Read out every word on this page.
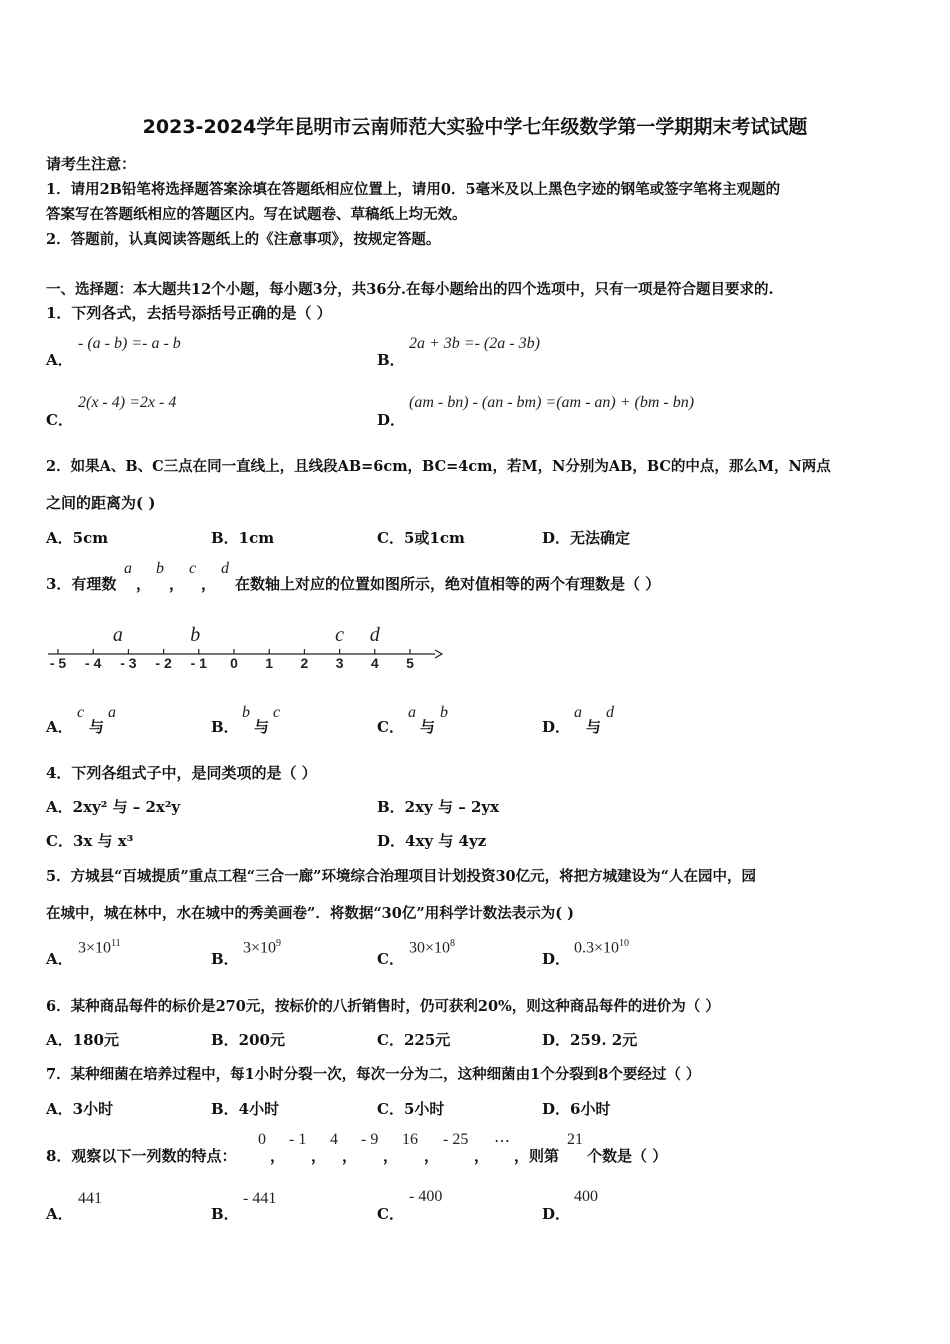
2023-2024学年昆明市云南师范大实验中学七年级数学第一学期期末考试试题
请考生注意：
1．请用2B铅笔将选择题答案涂填在答题纸相应位置上，请用0．5毫米及以上黑色字迹的钢笔或签字笔将主观题的
答案写在答题纸相应的答题区内。写在试题卷、草稿纸上均无效。
2．答题前，认真阅读答题纸上的《注意事项》，按规定答题。
一、选择题：本大题共12个小题，每小题3分，共36分.在每小题给出的四个选项中，只有一项是符合题目要求的.
1．下列各式，去括号添括号正确的是（ ）
A．
- (a - b) =- a - b
B．
2a + 3b =- (2a - 3b)
C．
2(x - 4) =2x - 4
D．
(am - bn) - (an - bm) =(am - an) + (bm - bn)
2．如果A、B、C三点在同一直线上，且线段AB=6cm，BC=4cm，若M，N分别为AB，BC的中点，那么M，N两点
之间的距离为( )
A．5cm	B．1cm	C．5或1cm	D．无法确定
3．有理数
a
，
b
，
c
，
d
在数轴上对应的位置如图所示，绝对值相等的两个有理数是（ ）
- 5 - 4 - 3 - 2 - 1 0 1 2 3 4 5
a	b	c d
A．
c
与
a
B．
b
与
c
C．
a
与
b
D．
a
与
d
4．下列各组式子中，是同类项的是（ ）
A．2xy² 与 – 2x²y	B．2xy 与 – 2yx
C．3x 与 x³	D．4xy 与 4yz
5．方城县“百城提质”重点工程“三合一廊”环境综合治理项目计划投资30亿元，将把方城建设为“人在园中，园
在城中，城在林中，水在城中的秀美画卷”．将数据“30亿”用科学计数法表示为( )
A．
$3\times 10^{11}$
B．
$3\times 10^9$
C．
$30\times 10^8$
D．
$0.3\times 10^{10}$
6．某种商品每件的标价是270元，按标价的八折销售时，仍可获利20%，则这种商品每件的进价为（ ）
A．180元	B．200元	C．225元	D．259. 2元
7．某种细菌在培养过程中，每1小时分裂一次，每次一分为二，这种细菌由1个分裂到8个要经过（ ）
A．3小时	B．4小时	C．5小时	D．6小时
8．观察以下一列数的特点：
0
，
- 1
，
4
，
- 9
，
16
，
- 25
，
⋯
，则第
21
个数是（ ）
A．
441
B．
- 441
C．
- 400
D．
400
